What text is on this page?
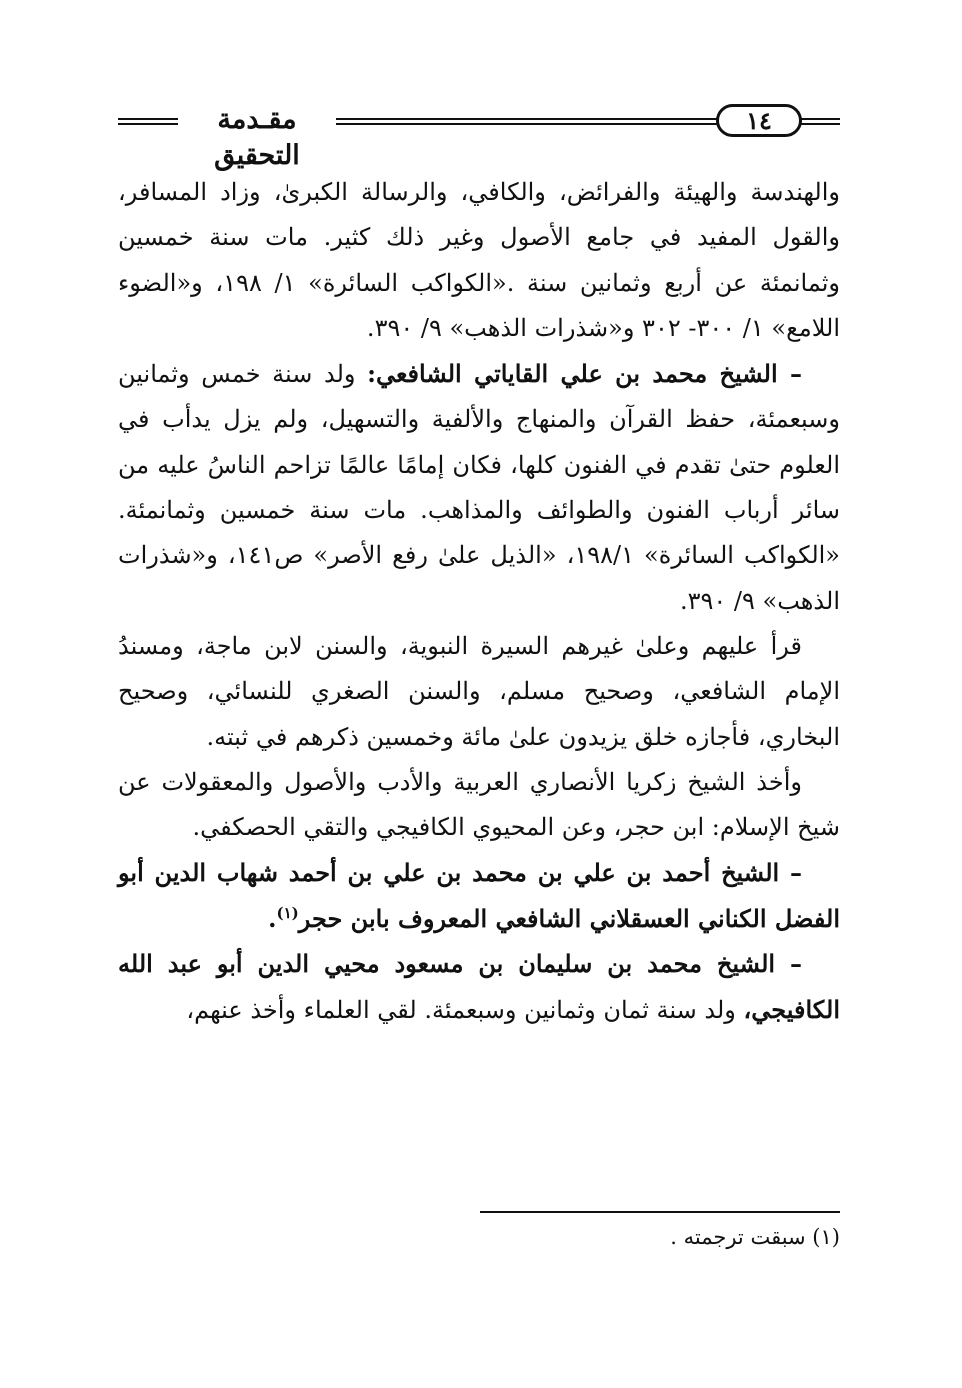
مقـدمة التحقيق
١٤

والهندسة والهيئة والفرائض، والكافي، والرسالة الكبرىٰ، وزاد المسافر، والقول المفيد في جامع الأصول وغير ذلك كثير. مات سنة خمسين وثمانمئة عن أربع وثمانين سنة .«الكواكب السائرة» ١/ ١٩٨، و«الضوء اللامع» ١/ ٣٠٠- ٣٠٢ و«شذرات الذهب» ٩/ ٣٩٠.

– الشيخ محمد بن علي القاياتي الشافعي: ولد سنة خمس وثمانين وسبعمئة، حفظ القرآن والمنهاج والألفية والتسهيل، ولم يزل يدأب في العلوم حتىٰ تقدم في الفنون كلها، فكان إمامًا عالمًا تزاحم الناسُ عليه من سائر أرباب الفنون والطوائف والمذاهب. مات سنة خمسين وثمانمئة. «الكواكب السائرة» ١٩٨/١، «الذيل علىٰ رفع الأصر» ص١٤١، و«شذرات الذهب» ٩/ ٣٩٠.

قرأ عليهم وعلىٰ غيرهم السيرة النبوية، والسنن لابن ماجة، ومسندُ الإمام الشافعي، وصحيح مسلم، والسنن الصغري للنسائي، وصحيح البخاري، فأجازه خلق يزيدون علىٰ مائة وخمسين ذكرهم في ثبته.

وأخذ الشيخ زكريا الأنصاري العربية والأدب والأصول والمعقولات عن شيخ الإسلام: ابن حجر، وعن المحيوي الكافيجي والتقي الحصكفي.

– الشيخ أحمد بن علي بن محمد بن علي بن أحمد شهاب الدين أبو الفضل الكناني العسقلاني الشافعي المعروف بابن حجر$^{(١)}$.

– الشيخ محمد بن سليمان بن مسعود محيي الدين أبو عبد الله الكافيجي، ولد سنة ثمان وثمانين وسبعمئة. لقي العلماء وأخذ عنهم،

(١) سبقت ترجمته .
